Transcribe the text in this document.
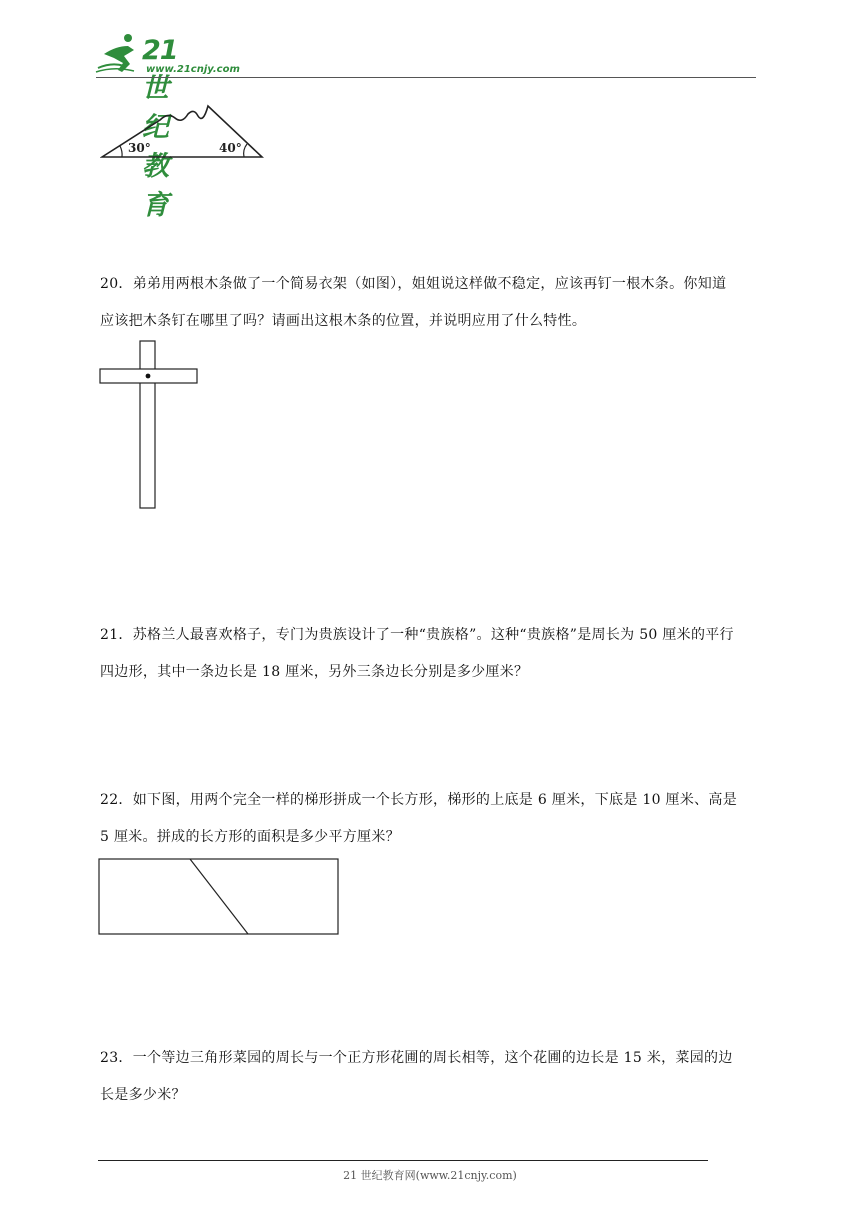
21世纪教育
www.21cnjy.com
30°	40°
20．弟弟用两根木条做了一个简易衣架（如图），姐姐说这样做不稳定，应该再钉一根木条。你知道
应该把木条钉在哪里了吗？请画出这根木条的位置，并说明应用了什么特性。
21．苏格兰人最喜欢格子，专门为贵族设计了一种“贵族格”。这种“贵族格”是周长为 50 厘米的平行
四边形，其中一条边长是 18 厘米，另外三条边长分别是多少厘米？
22．如下图，用两个完全一样的梯形拼成一个长方形，梯形的上底是 6 厘米，下底是 10 厘米、高是
5 厘米。拼成的长方形的面积是多少平方厘米？
23．一个等边三角形菜园的周长与一个正方形花圃的周长相等，这个花圃的边长是 15 米，菜园的边
长是多少米？
21 世纪教育网(www.21cnjy.com)
